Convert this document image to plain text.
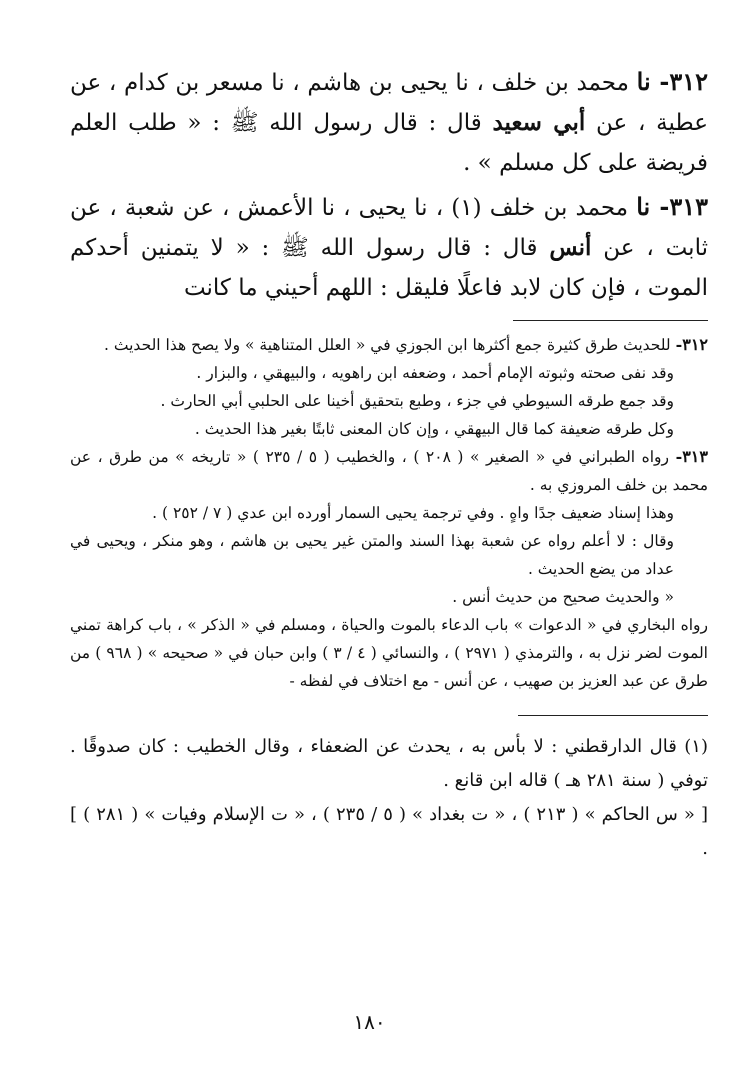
٣١٢- نا محمد بن خلف ، نا يحيى بن هاشم ، نا مسعر بن كدام ، عن عطية ، عن أبي سعيد قال : قال رسول الله ﷺ : « طلب العلم فريضة على كل مسلم » .

٣١٣- نا محمد بن خلف (١) ، نا يحيى ، نا الأعمش ، عن شعبة ، عن ثابت ، عن أنس قال : قال رسول الله ﷺ : « لا يتمنين أحدكم الموت ، فإن كان لابد فاعلًا فليقل : اللهم أحيني ما كانت

٣١٢- للحديث طرق كثيرة جمع أكثرها ابن الجوزي في « العلل المتناهية » ولا يصح هذا الحديث .

وقد نفى صحته وثبوته الإمام أحمد ، وضعفه ابن راهويه ، والبيهقي ، والبزار .

وقد جمع طرقه السيوطي في جزء ، وطبع بتحقيق أخينا على الحلبي أبي الحارث .

وكل طرقه ضعيفة كما قال البيهقي ، وإن كان المعنى ثابتًا بغير هذا الحديث .

٣١٣- رواه الطبراني في « الصغير » ( ٢٠٨ ) ، والخطيب ( ٥ / ٢٣٥ ) « تاريخه » من طرق ، عن محمد بن خلف المروزي به .

وهذا إسناد ضعيف جدًا واهٍ . وفي ترجمة يحيى السمار أورده ابن عدي ( ٧ / ٢٥٢ ) .

وقال : لا أعلم رواه عن شعبة بهذا السند والمتن غير يحيى بن هاشم ، وهو منكر ، ويحيى في عداد من يضع الحديث .

« والحديث صحيح من حديث أنس .

رواه البخاري في « الدعوات » باب الدعاء بالموت والحياة ، ومسلم في « الذكر » ، باب كراهة تمني الموت لضر نزل به ، والترمذي ( ٢٩٧١ ) ، والنسائي ( ٤ / ٣ ) وابن حبان في « صحيحه » ( ٩٦٨ ) من طرق عن عبد العزيز بن صهيب ، عن أنس - مع اختلاف في لفظه -

(١) قال الدارقطني : لا بأس به ، يحدث عن الضعفاء ، وقال الخطيب : كان صدوقًا . توفي ( سنة ٢٨١ هـ ) قاله ابن قانع .

[ « س الحاكم » ( ٢١٣ ) ، « ت بغداد » ( ٥ / ٢٣٥ ) ، « ت الإسلام وفيات » ( ٢٨١ ) ] .

١٨٠
